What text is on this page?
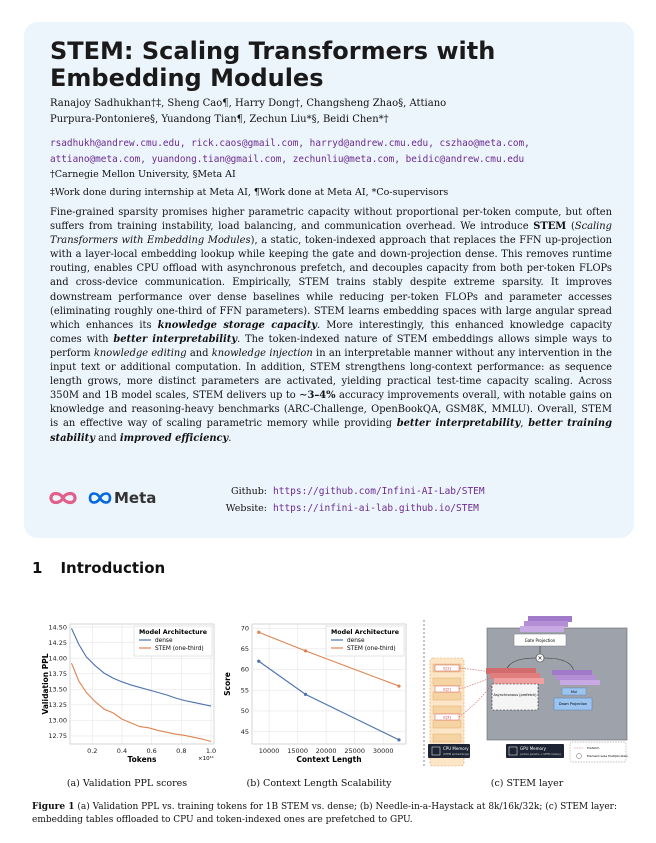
STEM: Scaling Transformers with Embedding Modules
Ranajoy Sadhukhan†‡, Sheng Cao¶, Harry Dong†, Changsheng Zhao§, Attiano
Purpura-Pontoniere§, Yuandong Tian¶, Zechun Liu*§, Beidi Chen*†
rsadhukh@andrew.cmu.edu, rick.caos@gmail.com, harryd@andrew.cmu.edu, cszhao@meta.com,
attiano@meta.com, yuandong.tian@gmail.com, zechunliu@meta.com, beidic@andrew.cmu.edu
†Carnegie Mellon University, §Meta AI
‡Work done during internship at Meta AI, ¶Work done at Meta AI, *Co-supervisors

Fine-grained sparsity promises higher parametric capacity without proportional per-token compute, but often suffers from training instability, load balancing, and communication overhead. We introduce STEM (Scaling Transformers with Embedding Modules), a static, token-indexed approach that replaces the FFN up-projection with a layer-local embedding lookup while keeping the gate and down-projection dense. This removes runtime routing, enables CPU offload with asynchronous prefetch, and decouples capacity from both per-token FLOPs and cross-device communication. Empirically, STEM trains stably despite extreme sparsity. It improves downstream performance over dense baselines while reducing per-token FLOPs and parameter accesses (eliminating roughly one-third of FFN parameters). STEM learns embedding spaces with large angular spread which enhances its knowledge storage capacity. More interestingly, this enhanced knowledge capacity comes with better interpretability. The token-indexed nature of STEM embeddings allows simple ways to perform knowledge editing and knowledge injection in an interpretable manner without any intervention in the input text or additional computation. In addition, STEM strengthens long-context performance: as sequence length grows, more distinct parameters are activated, yielding practical test-time capacity scaling. Across 350M and 1B model scales, STEM delivers up to ∼3–4% accuracy improvements overall, with notable gains on knowledge and reasoning-heavy benchmarks (ARC-Challenge, OpenBookQA, GSM8K, MMLU). Overall, STEM is an effective way of scaling parametric memory while providing better interpretability, better training stability and improved efficiency.

Meta	Github: https://github.com/Infini-AI-Lab/STEM
Website: https://infini-ai-lab.github.io/STEM
1 Introduction
0.2	0.4	0.6	0.8	1.0
12.75
13.00
13.25
13.50
13.75
14.00
14.25
14.50
Tokens
Validation PPL
×10¹¹
Model Architecture
dense
STEM (one-third)
10000 15000 20000 25000 30000
45
50
55
60
65
70
Context Length
Score
Model Architecture
dense
STEM (one-third)
Gate Projection
×
Asynchronous (prefetch)
Mul
Down Projection
E[1]
E[2]
E[3]
CPU Memory
(STEM embeddings)
GPU Memory
(active params + STEM lookup)
Prefetch
Element-wise Multiplication
(a) Validation PPL scores	(b) Context Length Scalability	(c) STEM layer
Figure 1 (a) Validation PPL vs. training tokens for 1B STEM vs. dense; (b) Needle-in-a-Haystack at 8k/16k/32k; (c) STEM layer: embedding tables offloaded to CPU and token-indexed ones are prefetched to GPU.
